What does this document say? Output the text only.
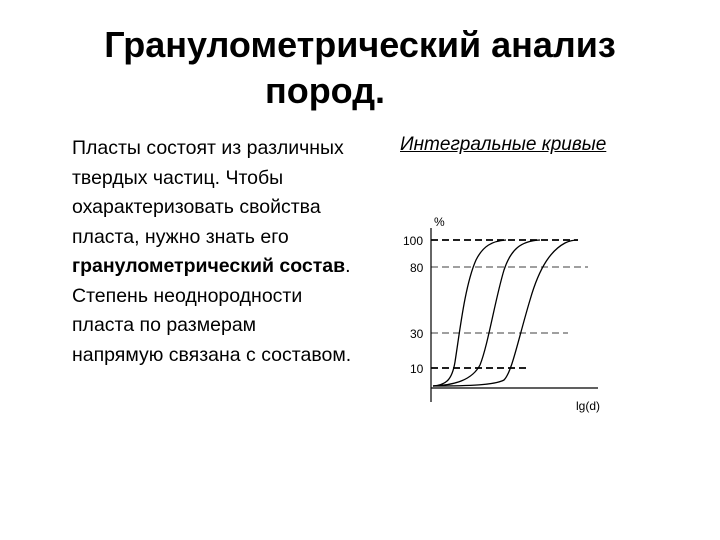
Гранулометрический анализ
пород.

Пласты состоят из различных твердых частиц. Чтобы охарактеризовать свойства пласта, нужно знать его гранулометрический состав. Степень неоднородности пласта по размерам напрямую связана с составом.

Интегральные кривые
%
lg(d)
100
80
30
10
